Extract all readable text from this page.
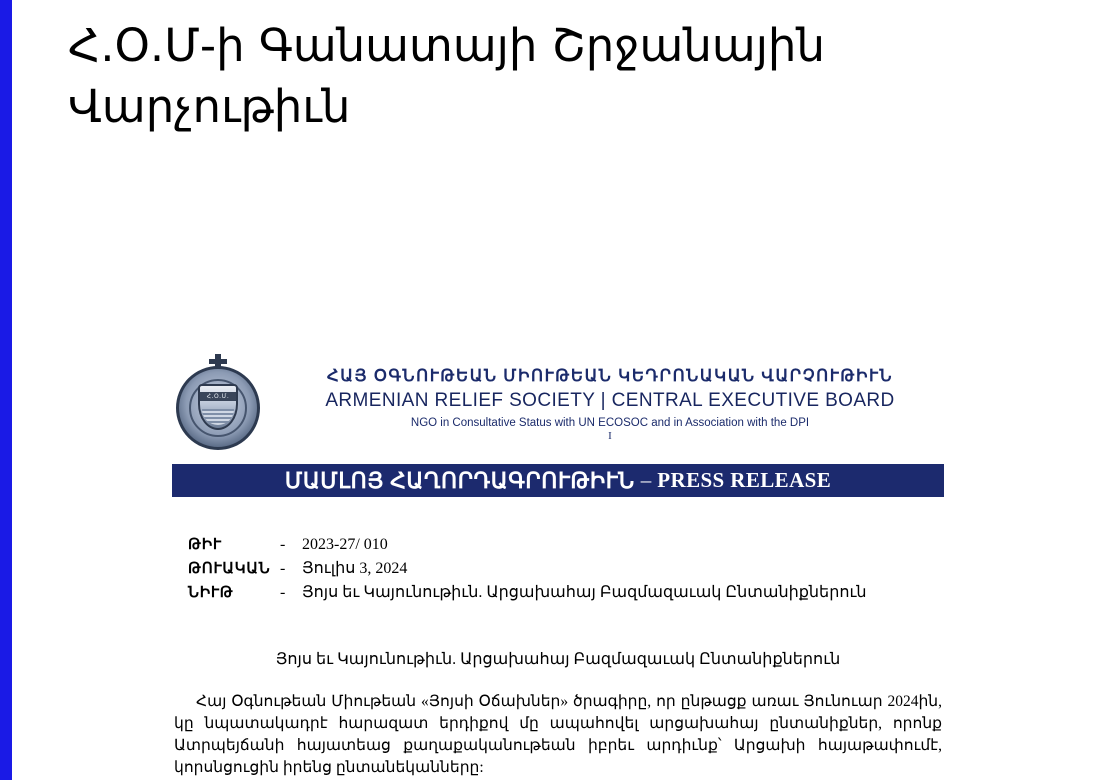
Հ.Օ.Մ-ի Գանատայի Շրջանային Վարչութիւն
Հ.Օ.Մ.
ՀԱՅ ՕԳՆՈՒԹԵԱՆ ՄԻՈՒԹԵԱՆ ԿԵԴՐՈՆԱԿԱՆ ՎԱՐՉՈՒԹԻՒՆ
ARMENIAN RELIEF SOCIETY | CENTRAL EXECUTIVE BOARD
NGO in Consultative Status with UN ECOSOC and in Association with the DPI
I
ՄԱՄԼՈՅ ՀԱՂՈՐԴԱԳՐՈՒԹԻՒՆ – PRESS RELEASE
ԹԻՒ	-	2023-27/ 010
ԹՈՒԱԿԱՆ -	Յուլիս 3, 2024
ՆԻՒԹ	-	Յոյս եւ Կայունութիւն. Արցախահայ Բազմազաւակ Ընտանիքներուն
Յոյս եւ Կայունութիւն. Արցախահայ Բազմազաւակ Ընտանիքներուն
Հայ Օգնութեան Միութեան «Յոյսի Օճախներ» ծրագիրը, որ ընթացք առաւ Յունուար 2024ին, կը նպատակադրէ հարազատ երդիքով մը ապահովել արցախահայ ընտանիքներ, որոնք Ատրպեյճանի հայատեաց քաղաքականութեան իբրեւ արդիւնք՝ Արցախի հայաթափումէ, կորսնցուցին իրենց ընտանեկանները:
